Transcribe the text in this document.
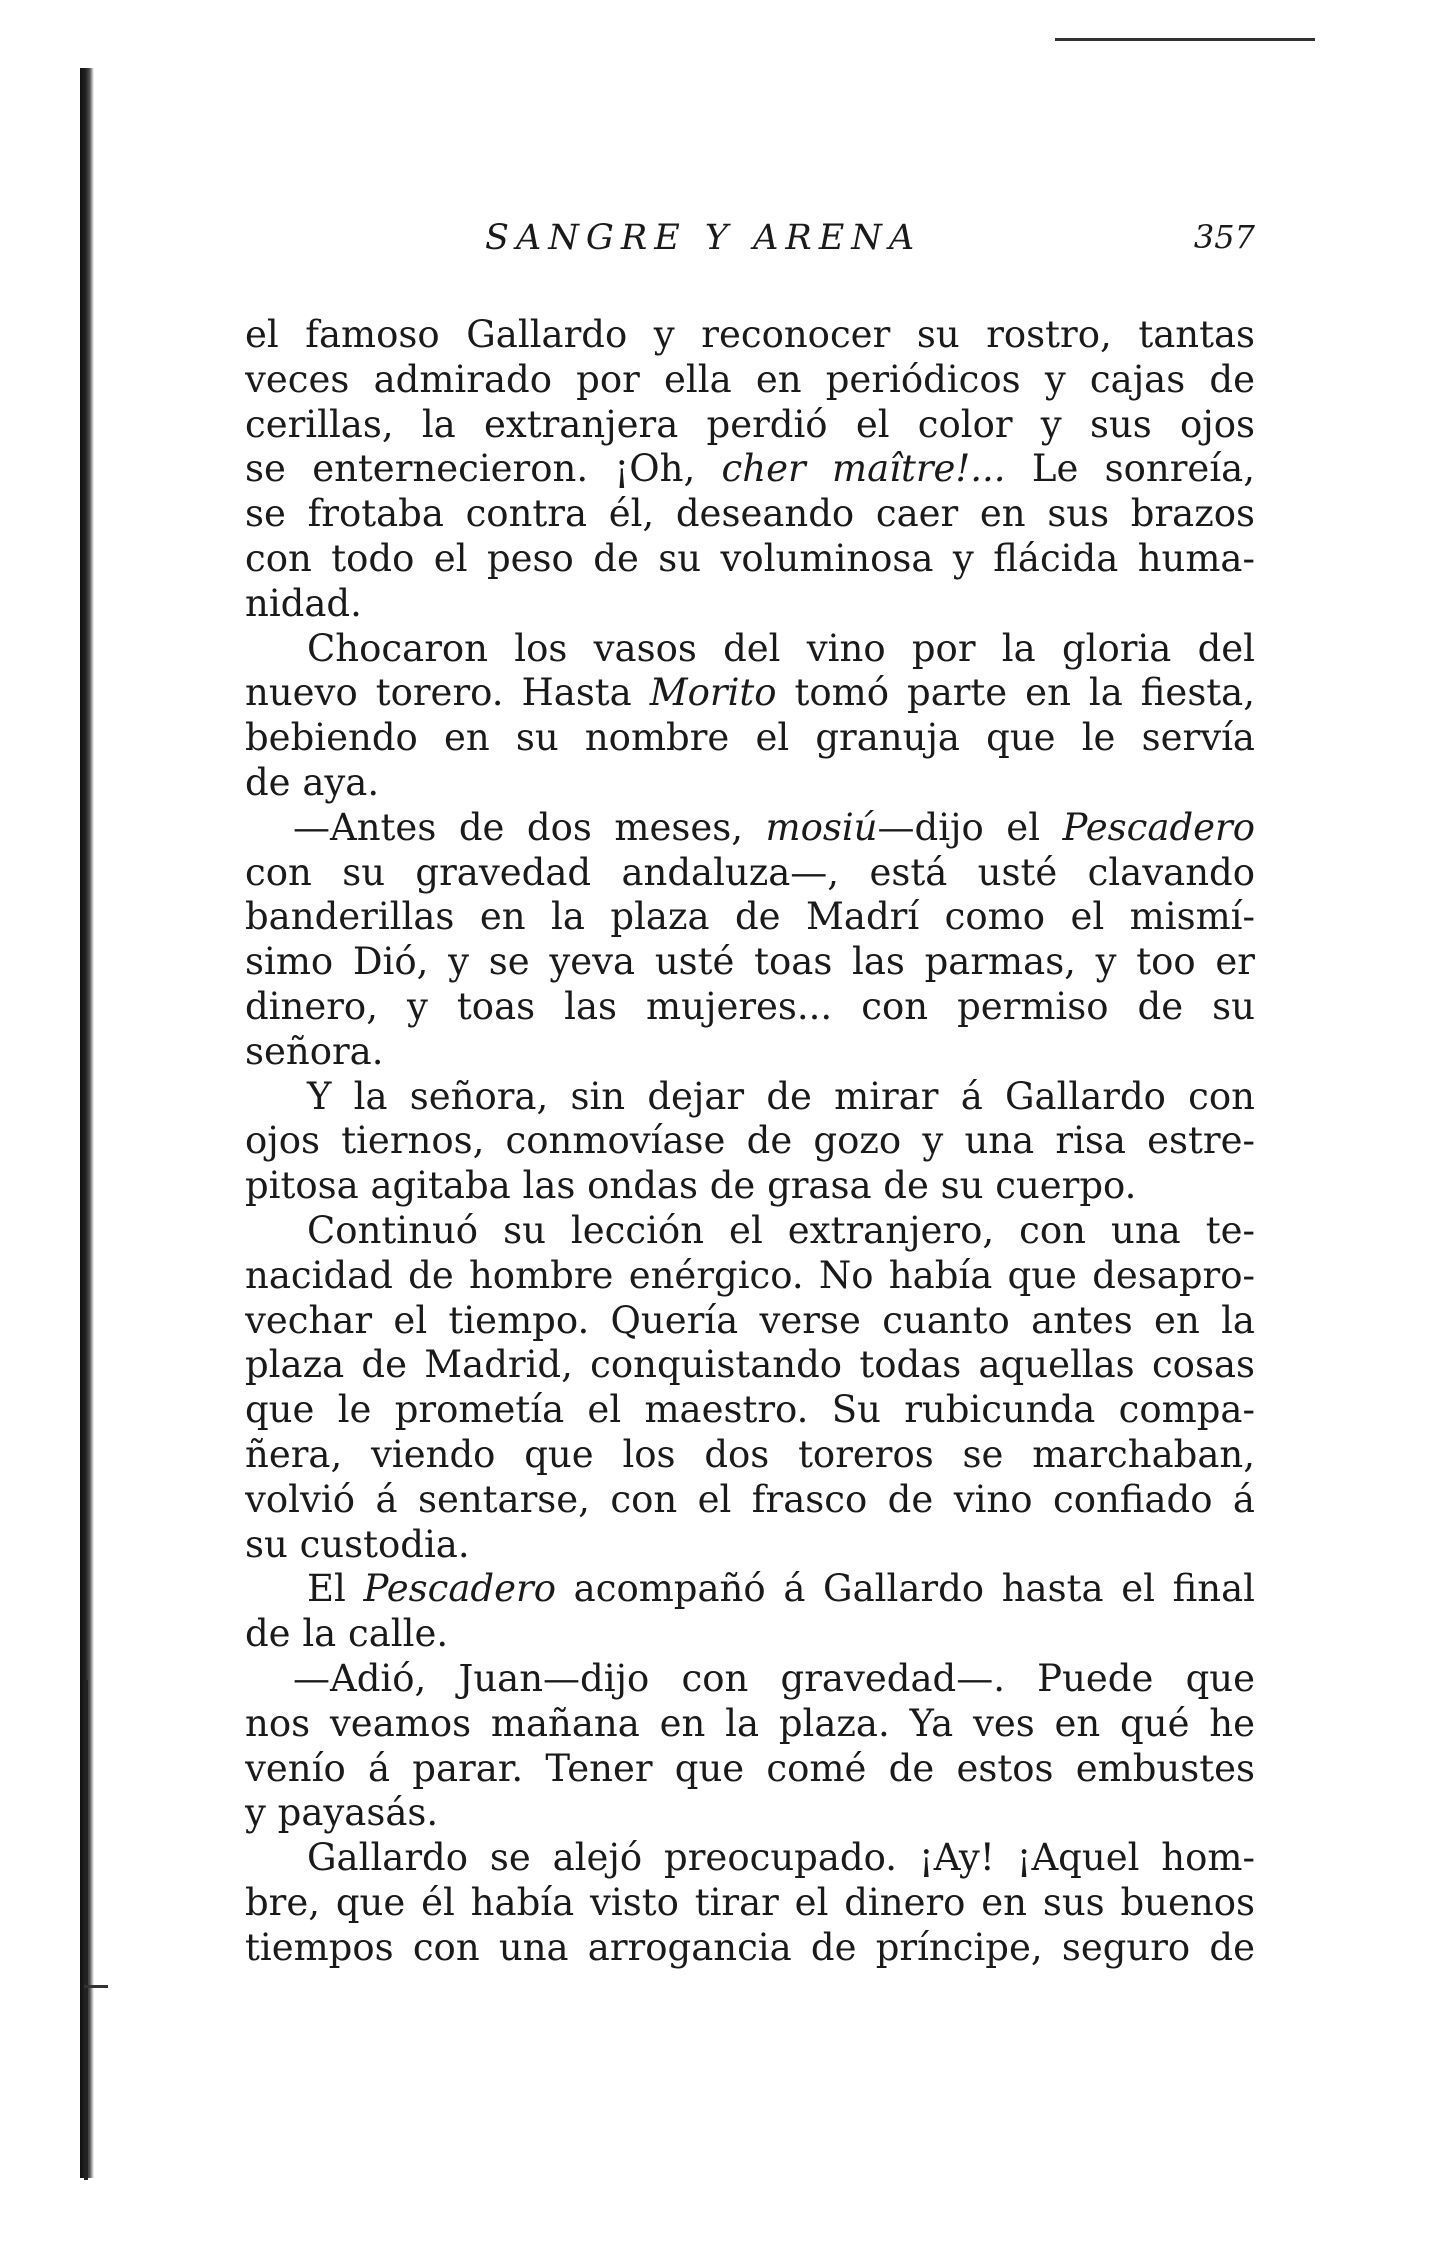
SANGRE Y ARENA	357
el famoso Gallardo y reconocer su rostro, tantas
veces admirado por ella en periódicos y cajas de
cerillas, la extranjera perdió el color y sus ojos
se enternecieron. ¡Oh, cher maître!... Le sonreía,
se frotaba contra él, deseando caer en sus brazos
con todo el peso de su voluminosa y flácida huma-
nidad.
Chocaron los vasos del vino por la gloria del
nuevo torero. Hasta Morito tomó parte en la fiesta,
bebiendo en su nombre el granuja que le servía
de aya.
—Antes de dos meses, mosiú—dijo el Pescadero
con su gravedad andaluza—, está usté clavando
banderillas en la plaza de Madrí como el mismí-
simo Dió, y se yeva usté toas las parmas, y too er
dinero, y toas las mujeres... con permiso de su
señora.
Y la señora, sin dejar de mirar á Gallardo con
ojos tiernos, conmovíase de gozo y una risa estre-
pitosa agitaba las ondas de grasa de su cuerpo.
Continuó su lección el extranjero, con una te-
nacidad de hombre enérgico. No había que desapro-
vechar el tiempo. Quería verse cuanto antes en la
plaza de Madrid, conquistando todas aquellas cosas
que le prometía el maestro. Su rubicunda compa-
ñera, viendo que los dos toreros se marchaban,
volvió á sentarse, con el frasco de vino confiado á
su custodia.
El Pescadero acompañó á Gallardo hasta el final
de la calle.
—Adió, Juan—dijo con gravedad—. Puede que
nos veamos mañana en la plaza. Ya ves en qué he
venío á parar. Tener que comé de estos embustes
y payasás.
Gallardo se alejó preocupado. ¡Ay! ¡Aquel hom-
bre, que él había visto tirar el dinero en sus buenos
tiempos con una arrogancia de príncipe, seguro de
